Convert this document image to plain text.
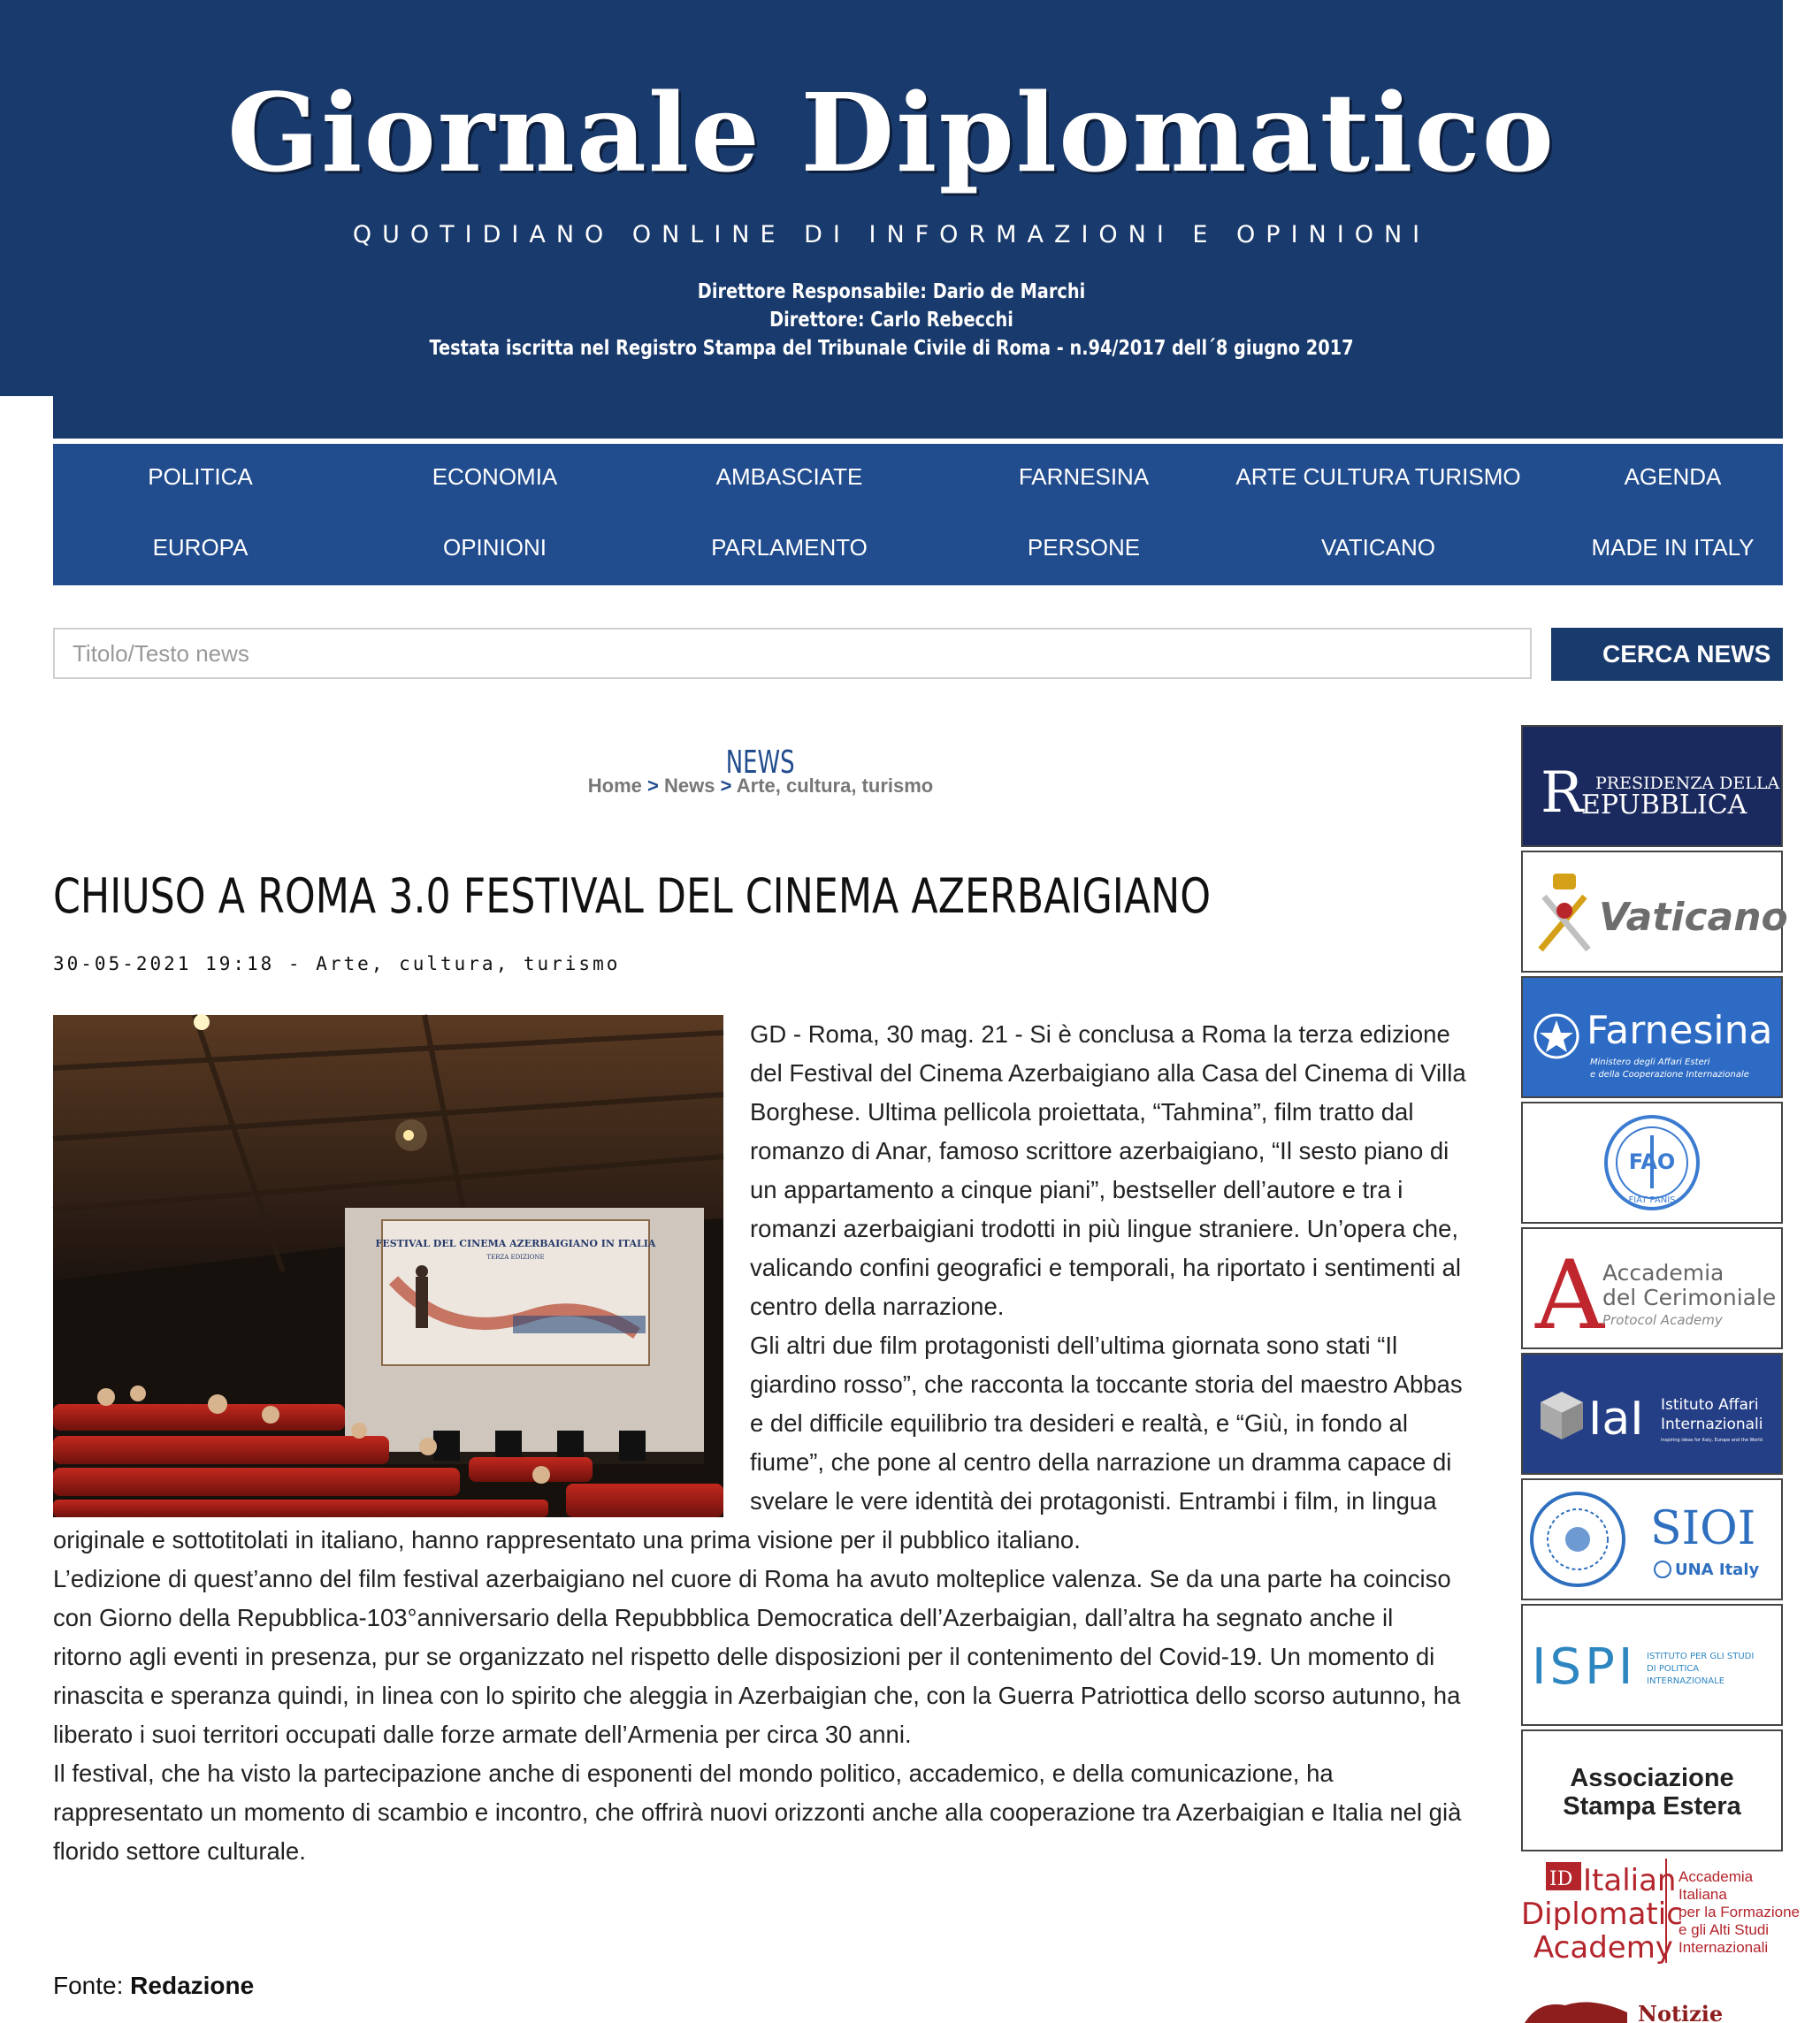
Giornale Diplomatico
QUOTIDIANO ONLINE DI INFORMAZIONI E OPINIONI
Direttore Responsabile: Dario de Marchi
Direttore: Carlo Rebecchi
Testata iscritta nel Registro Stampa del Tribunale Civile di Roma - n.94/2017 dell´8 giugno 2017
POLITICA	ECONOMIA	AMBASCIATE	FARNESINA	ARTE CULTURA TURISMO	AGENDA
EUROPA	OPINIONI	PARLAMENTO	PERSONE	VATICANO	MADE IN ITALY
Titolo/Testo news
CERCA NEWS
NEWS
Home > News > Arte, cultura, turismo
CHIUSO A ROMA 3.0 FESTIVAL DEL CINEMA AZERBAIGIANO
30-05-2021 19:18 - Arte, cultura, turismo
FESTIVAL DEL CINEMA AZERBAIGIANO IN ITALIA
TERZA EDIZIONE

GD - Roma, 30 mag. 21 - Si è conclusa a Roma la terza edizione del Festival del Cinema Azerbaigiano alla Casa del Cinema di Villa Borghese. Ultima pellicola proiettata, “Tahmina”, film tratto dal romanzo di Anar, famoso scrittore azerbaigiano, “Il sesto piano di un appartamento a cinque piani”, bestseller dell’autore e tra i romanzi azerbaigiani trodotti in più lingue straniere. Un’opera che, valicando confini geografici e temporali, ha riportato i sentimenti al centro della narrazione.

Gli altri due film protagonisti dell’ultima giornata sono stati “Il giardino rosso”, che racconta la toccante storia del maestro Abbas e del difficile equilibrio tra desideri e realtà, e “Giù, in fondo al fiume”, che pone al centro della narrazione un dramma capace di svelare le vere identità dei protagonisti. Entrambi i film, in lingua originale e sottotitolati in italiano, hanno rappresentato una prima visione per il pubblico italiano.

L’edizione di quest’anno del film festival azerbaigiano nel cuore di Roma ha avuto molteplice valenza. Se da una parte ha coinciso con Giorno della Repubblica-103°anniversario della Repubbblica Democratica dell’Azerbaigian, dall’altra ha segnato anche il ritorno agli eventi in presenza, pur se organizzato nel rispetto delle disposizioni per il contenimento del Covid-19. Un momento di rinascita e speranza quindi, in linea con lo spirito che aleggia in Azerbaigian che, con la Guerra Patriottica dello scorso autunno, ha liberato i suoi territori occupati dalle forze armate dell’Armenia per circa 30 anni.

Il festival, che ha visto la partecipazione anche di esponenti del mondo politico, accademico, e della comunicazione, ha rappresentato un momento di scambio e incontro, che offrirà nuovi orizzonti anche alla cooperazione tra Azerbaigian e Italia nel già florido settore culturale.

Fonte: Redazione
R PRESIDENZA DELLA
EPUBBLICA
Vaticano
Farnesina
Ministero degli Affari Esteri
e della Cooperazione Internazionale
FAO
FIAT PANIS
A
Accademia
del Cerimoniale
Protocol Academy
IaI Istituto Affari
Internazionali
Inspiring ideas for Italy, Europe and the World
SIOI
UNA Italy
ISPI ISTITUTO PER GLI STUDI
DI POLITICA
INTERNAZIONALE
Associazione
Stampa Estera
ID Italian
Diplomatic
Academy
Accademia
Italiana
per la Formazione
e gli Alti Studi
Internazionali
Notizie
